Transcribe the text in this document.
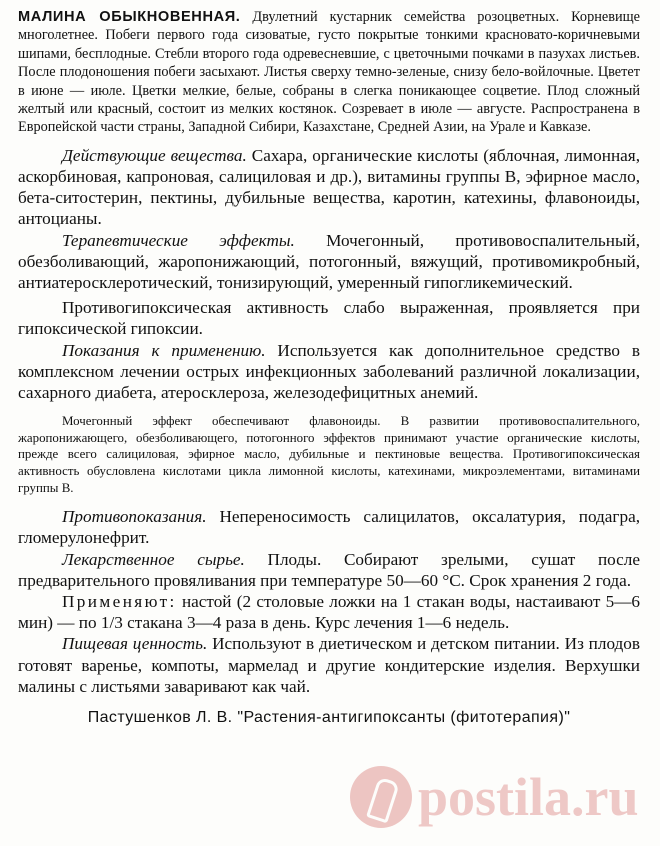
МАЛИНА ОБЫКНОВЕННАЯ. Двулетний кустарник семейства розоцветных. Корневище многолетнее. Побеги первого года сизоватые, густо покрытые тонкими красновато-коричневыми шипами, бесплодные. Стебли второго года одревесневшие, с цветочными почками в пазухах листьев. После плодоношения побеги засыхают. Листья сверху темно-зеленые, снизу бело-войлочные. Цветет в июне — июле. Цветки мелкие, белые, собраны в слегка поникающее соцветие. Плод сложный желтый или красный, состоит из мелких костянок. Созревает в июле — августе. Распространена в Европейской части страны, Западной Сибири, Казахстане, Средней Азии, на Урале и Кавказе.

Действующие вещества. Сахара, органические кислоты (яблочная, лимонная, аскорбиновая, капроновая, салициловая и др.), витамины группы В, эфирное масло, бета-ситостерин, пектины, дубильные вещества, каротин, катехины, флавоноиды, антоцианы.

Терапевтические эффекты. Мочегонный, противовоспалительный, обезболивающий, жаропонижающий, потогонный, вяжущий, противомикробный, антиатеросклеротический, тонизирующий, умеренный гипогликемический.

Противогипоксическая активность слабо выраженная, проявляется при гипоксической гипоксии.

Показания к применению. Используется как дополнительное средство в комплексном лечении острых инфекционных заболеваний различной локализации, сахарного диабета, атеросклероза, железодефицитных анемий.

Мочегонный эффект обеспечивают флавоноиды. В развитии противовоспалительного, жаропонижающего, обезболивающего, потогонного эффектов принимают участие органические кислоты, прежде всего салициловая, эфирное масло, дубильные и пектиновые вещества. Противогипоксическая активность обусловлена кислотами цикла лимонной кислоты, катехинами, микроэлементами, витаминами группы В.

Противопоказания. Непереносимость салицилатов, оксалатурия, подагра, гломерулонефрит.

Лекарственное сырье. Плоды. Собирают зрелыми, сушат после предварительного провяливания при температуре 50—60 °С. Срок хранения 2 года.

Применяют: настой (2 столовые ложки на 1 стакан воды, настаивают 5—6 мин) — по 1/3 стакана 3—4 раза в день. Курс лечения 1—6 недель.

Пищевая ценность. Используют в диетическом и детском питании. Из плодов готовят варенье, компоты, мармелад и другие кондитерские изделия. Верхушки малины с листьями заваривают как чай.

Пастушенков Л. В. "Растения-антигипоксанты (фитотерапия)"
postila.ru
